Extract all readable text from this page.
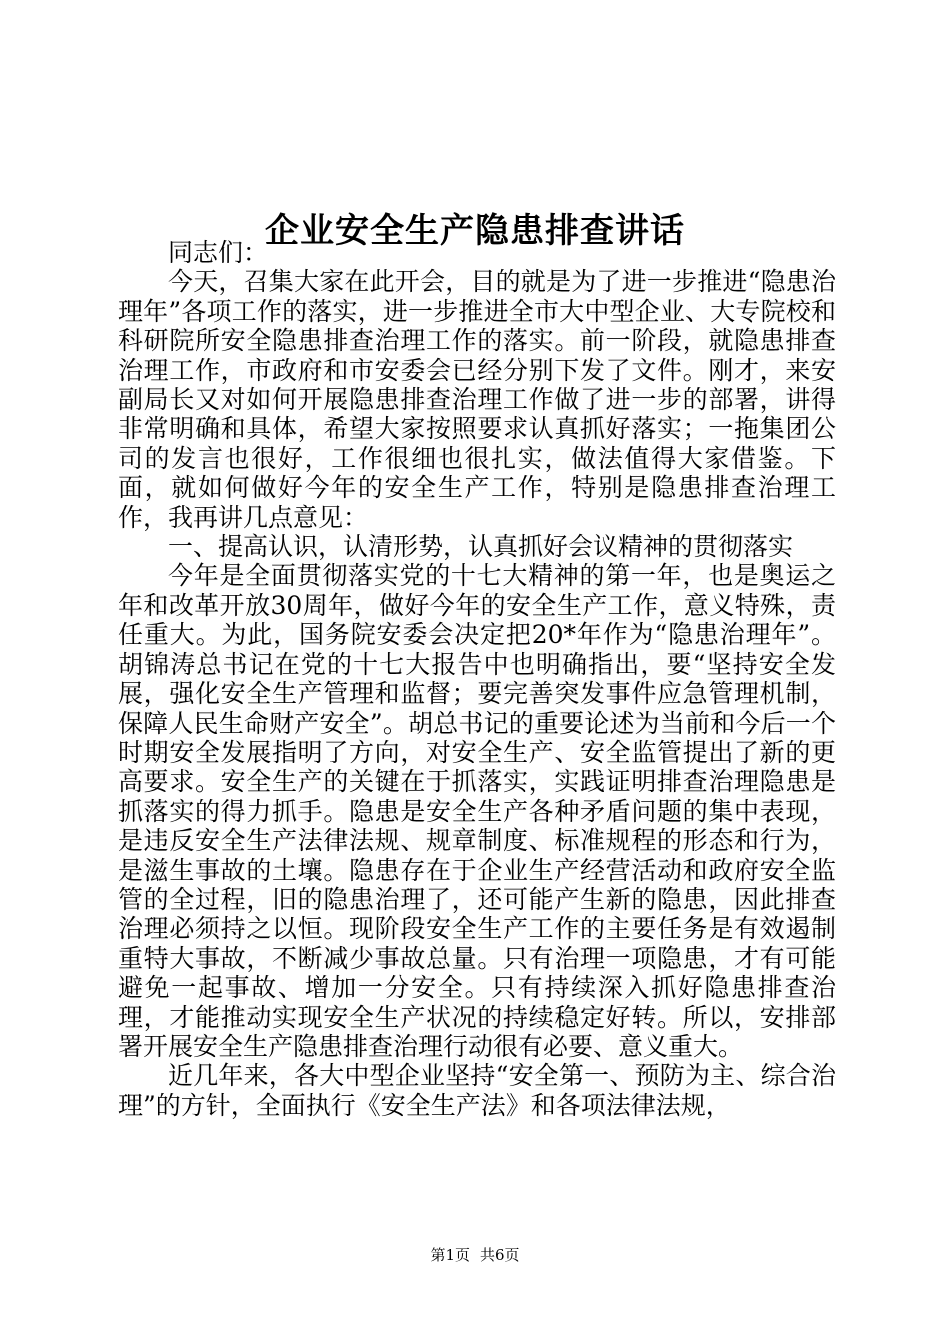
企业安全生产隐患排查讲话

同志们：

今天，召集大家在此开会，目的就是为了进一步推进“隐患治理年”各项工作的落实，进一步推进全市大中型企业、大专院校和科研院所安全隐患排查治理工作的落实。前一阶段，就隐患排查治理工作，市政府和市安委会已经分别下发了文件。刚才，来安副局长又对如何开展隐患排查治理工作做了进一步的部署，讲得非常明确和具体，希望大家按照要求认真抓好落实；一拖集团公司的发言也很好，工作很细也很扎实，做法值得大家借鉴。下面，就如何做好今年的安全生产工作，特别是隐患排查治理工作，我再讲几点意见：

一、提高认识，认清形势，认真抓好会议精神的贯彻落实

今年是全面贯彻落实党的十七大精神的第一年，也是奥运之年和改革开放30周年，做好今年的安全生产工作，意义特殊，责任重大。为此，国务院安委会决定把20*年作为“隐患治理年”。胡锦涛总书记在党的十七大报告中也明确指出，要“坚持安全发展，强化安全生产管理和监督；要完善突发事件应急管理机制，保障人民生命财产安全”。胡总书记的重要论述为当前和今后一个时期安全发展指明了方向，对安全生产、安全监管提出了新的更高要求。安全生产的关键在于抓落实，实践证明排查治理隐患是抓落实的得力抓手。隐患是安全生产各种矛盾问题的集中表现，是违反安全生产法律法规、规章制度、标准规程的形态和行为，是滋生事故的土壤。隐患存在于企业生产经营活动和政府安全监管的全过程，旧的隐患治理了，还可能产生新的隐患，因此排查治理必须持之以恒。现阶段安全生产工作的主要任务是有效遏制重特大事故，不断减少事故总量。只有治理一项隐患，才有可能避免一起事故、增加一分安全。只有持续深入抓好隐患排查治理，才能推动实现安全生产状况的持续稳定好转。所以，安排部署开展安全生产隐患排查治理行动很有必要、意义重大。

近几年来，各大中型企业坚持“安全第一、预防为主、综合治理”的方针，全面执行《安全生产法》和各项法律法规，

第1页 共6页
